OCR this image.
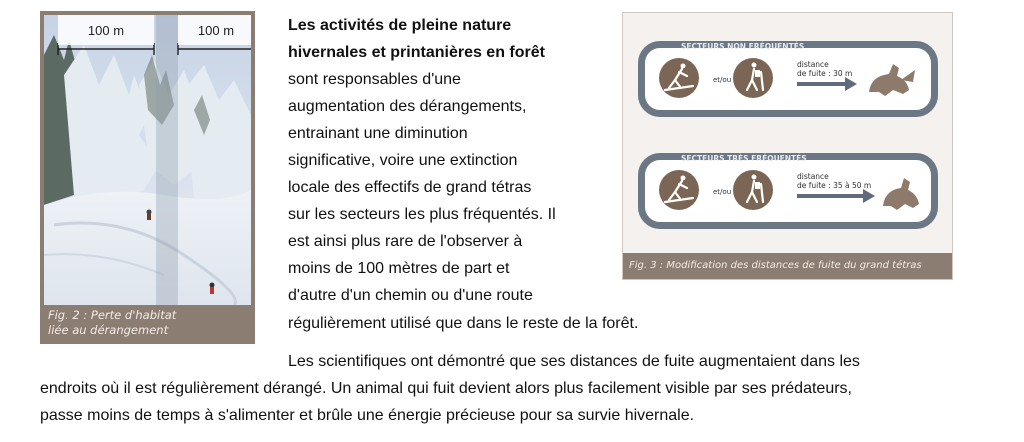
100 m	100 m
Fig. 2 : Perte d'habitat
liée au dérangement
Les activités de pleine nature
hivernales et printanières en forêt
sont responsables d'une
augmentation des dérangements,
entrainant une diminution
significative, voire une extinction
locale des effectifs de grand tétras
sur les secteurs les plus fréquentés. Il
est ainsi plus rare de l'observer à
moins de 100 mètres de part et
d'autre d'un chemin ou d'une route
régulièrement utilisé que dans le reste de la forêt.
SECTEURS NON FRÉQUENTÉS
et/ou
distance
de fuite : 30 m
SECTEURS TRÈS FRÉQUENTÉS
et/ou
distance
de fuite : 35 à 50 m
Fig. 3 : Modification des distances de fuite du grand tétras
Les scientifiques ont démontré que ses distances de fuite augmentaient dans les
endroits où il est régulièrement dérangé. Un animal qui fuit devient alors plus facilement visible par ses prédateurs,
passe moins de temps à s'alimenter et brûle une énergie précieuse pour sa survie hivernale.
